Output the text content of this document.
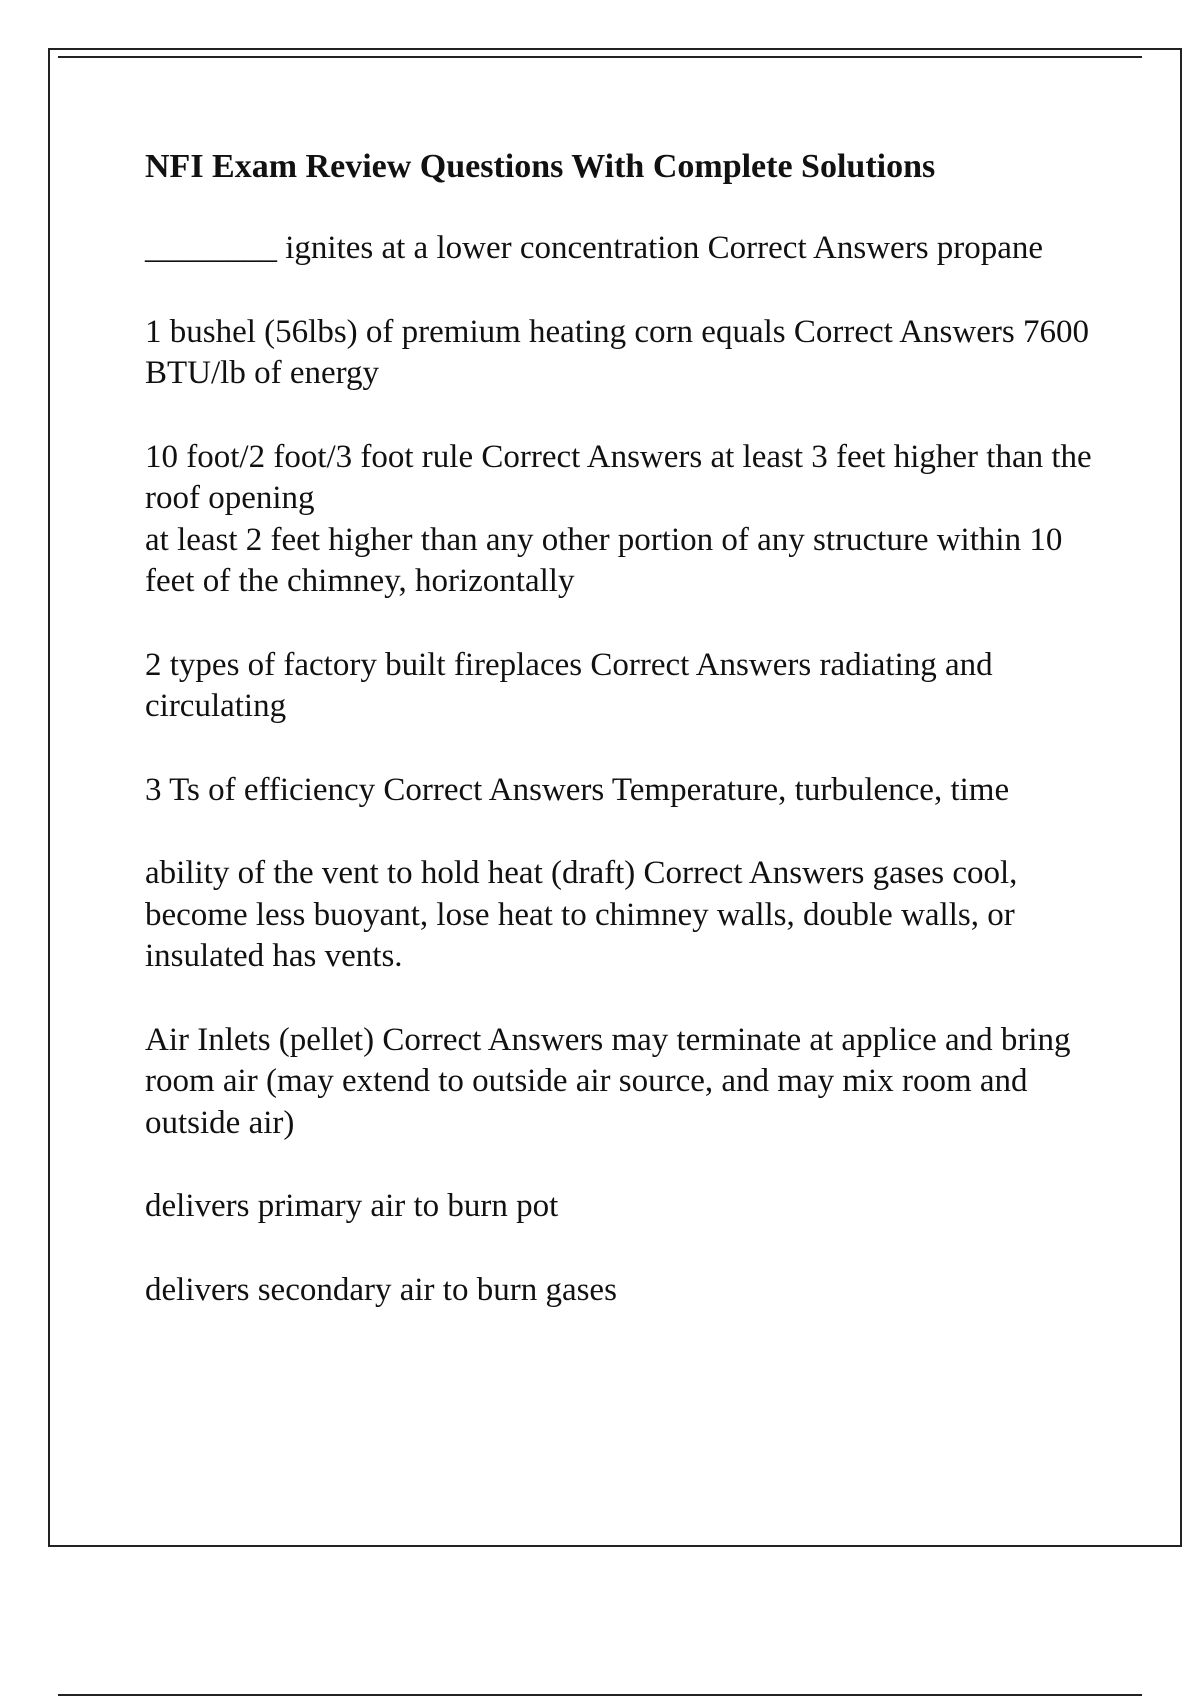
NFI Exam Review Questions With Complete Solutions

________ ignites at a lower concentration Correct Answers propane

1 bushel (56lbs) of premium heating corn equals Correct Answers 7600 BTU/lb of energy

10 foot/2 foot/3 foot rule Correct Answers at least 3 feet higher than the roof opening

at least 2 feet higher than any other portion of any structure within 10 feet of the chimney, horizontally

2 types of factory built fireplaces Correct Answers radiating and circulating

3 Ts of efficiency Correct Answers Temperature, turbulence, time

ability of the vent to hold heat (draft) Correct Answers gases cool, become less buoyant, lose heat to chimney walls, double walls, or insulated has vents.

Air Inlets (pellet) Correct Answers may terminate at applice and bring room air (may extend to outside air source, and may mix room and outside air)

delivers primary air to burn pot
delivers secondary air to burn gases
